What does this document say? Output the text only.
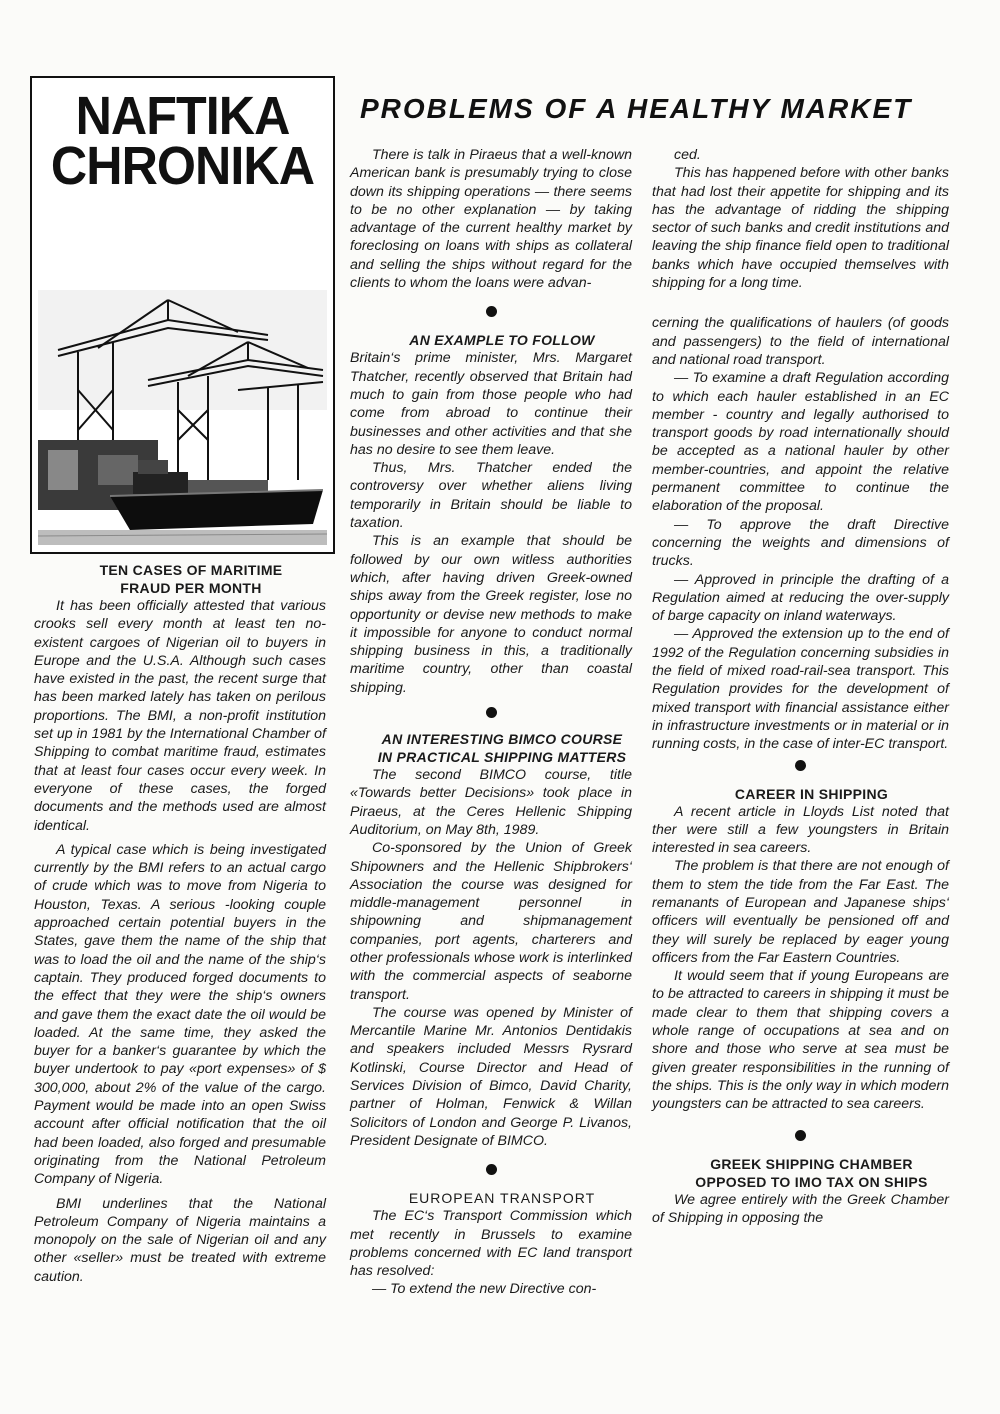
NAFTIKA
CHRONIKA
PROBLEMS OF A HEALTHY MARKET

TEN CASES OF MARITIME

FRAUD PER MONTH

It has been officially attested that various crooks sell every month at least ten no-existent cargoes of Nigerian oil to buyers in Europe and the U.S.A. Although such cases have existed in the past, the recent surge that has been marked lately has taken on perilous proportions. The BMI, a non-profit institution set up in 1981 by the International Chamber of Shipping to combat maritime fraud, estimates that at least four cases occur every week. In everyone of these cases, the forged documents and the methods used are almost identical.

A typical case which is being investigated currently by the BMI refers to an actual cargo of crude which was to move from Nigeria to Houston, Texas. A serious -looking couple approached certain potential buyers in the States, gave them the name of the ship that was to load the oil and the name of the ship‘s captain. They produced forged documents to the effect that they were the ship‘s owners and gave them the exact date the oil would be loaded. At the same time, they asked the buyer for a banker‘s guarantee by which the buyer undertook to pay «port expenses» of $ 300,000, about 2% of the value of the cargo. Payment would be made into an open Swiss account after official notification that the oil had been loaded, also forged and presumable originating from the National Petroleum Company of Nigeria.

BMI underlines that the National Petroleum Company of Nigeria maintains a monopoly on the sale of Nigerian oil and any other «seller» must be treated with extreme caution.

There is talk in Piraeus that a well-known American bank is presumably trying to close down its shipping operations — there seems to be no other explanation — by taking advantage of the current healthy market by foreclosing on loans with ships as collateral and selling the ships without regard for the clients to whom the loans were advan-

AN EXAMPLE TO FOLLOW

Britain‘s prime minister, Mrs. Margaret Thatcher, recently observed that Britain had much to gain from those people who had come from abroad to continue their businesses and other activities and that she has no desire to see them leave.

Thus, Mrs. Thatcher ended the controversy over whether aliens living temporarily in Britain should be liable to taxation.

This is an example that should be followed by our own witless authorities which, after having driven Greek-owned ships away from the Greek register, lose no opportunity or devise new methods to make it impossible for anyone to conduct normal shipping business in this, a traditionally maritime country, other than coastal shipping.

AN INTERESTING BIMCO COURSE

IN PRACTICAL SHIPPING MATTERS

The second BIMCO course, title «Towards better Decisions» took place in Piraeus, at the Ceres Hellenic Shipping Auditorium, on May 8th, 1989.

Co-sponsored by the Union of Greek Shipowners and the Hellenic Shipbrokers‘ Association the course was designed for middle-management personnel in shipowning and shipmanagement companies, port agents, charterers and other professionals whose work is interlinked with the commercial aspects of seaborne transport.

The course was opened by Minister of Mercantile Marine Mr. Antonios Dentidakis and speakers included Messrs Rysrard Kotlinski, Course Director and Head of Services Division of Bimco, David Charity, partner of Holman, Fenwick & Willan Solicitors of London and George P. Livanos, President Designate of BIMCO.

EUROPEAN TRANSPORT

The EC‘s Transport Commission which met recently in Brussels to examine problems concerned with EC land transport has resolved:

— To extend the new Directive con-

ced.

This has happened before with other banks that had lost their appetite for shipping and its has the advantage of ridding the shipping sector of such banks and credit institutions and leaving the ship finance field open to traditional banks which have occupied themselves with shipping for a long time.

cerning the qualifications of haulers (of goods and passengers) to the field of international and national road transport.

— To examine a draft Regulation according to which each hauler established in an EC member - country and legally authorised to transport goods by road internationally should be accepted as a national hauler by other member-countries, and appoint the relative permanent committee to continue the elaboration of the proposal.

— To approve the draft Directive concerning the weights and dimensions of trucks.

— Approved in principle the drafting of a Regulation aimed at reducing the over-supply of barge capacity on inland waterways.

— Approved the extension up to the end of 1992 of the Regulation concerning subsidies in the field of mixed road-rail-sea transport. This Regulation provides for the development of mixed transport with financial assistance either in infrastructure investments or in material or in running costs, in the case of inter-EC transport.

CAREER IN SHIPPING

A recent article in Lloyds List noted that ther were still a few youngsters in Britain interested in sea careers.

The problem is that there are not enough of them to stem the tide from the Far East. The remanants of European and Japanese ships‘ officers will eventually be pensioned off and they will surely be replaced by eager young officers from the Far Eastern Countries.

It would seem that if young Europeans are to be attracted to careers in shipping it must be made clear to them that shipping covers a whole range of occupations at sea and on shore and those who serve at sea must be given greater responsibilities in the running of the ships. This is the only way in which modern youngsters can be attracted to sea careers.

GREEK SHIPPING CHAMBER

OPPOSED TO IMO TAX ON SHIPS

We agree entirely with the Greek Chamber of Shipping in opposing the
